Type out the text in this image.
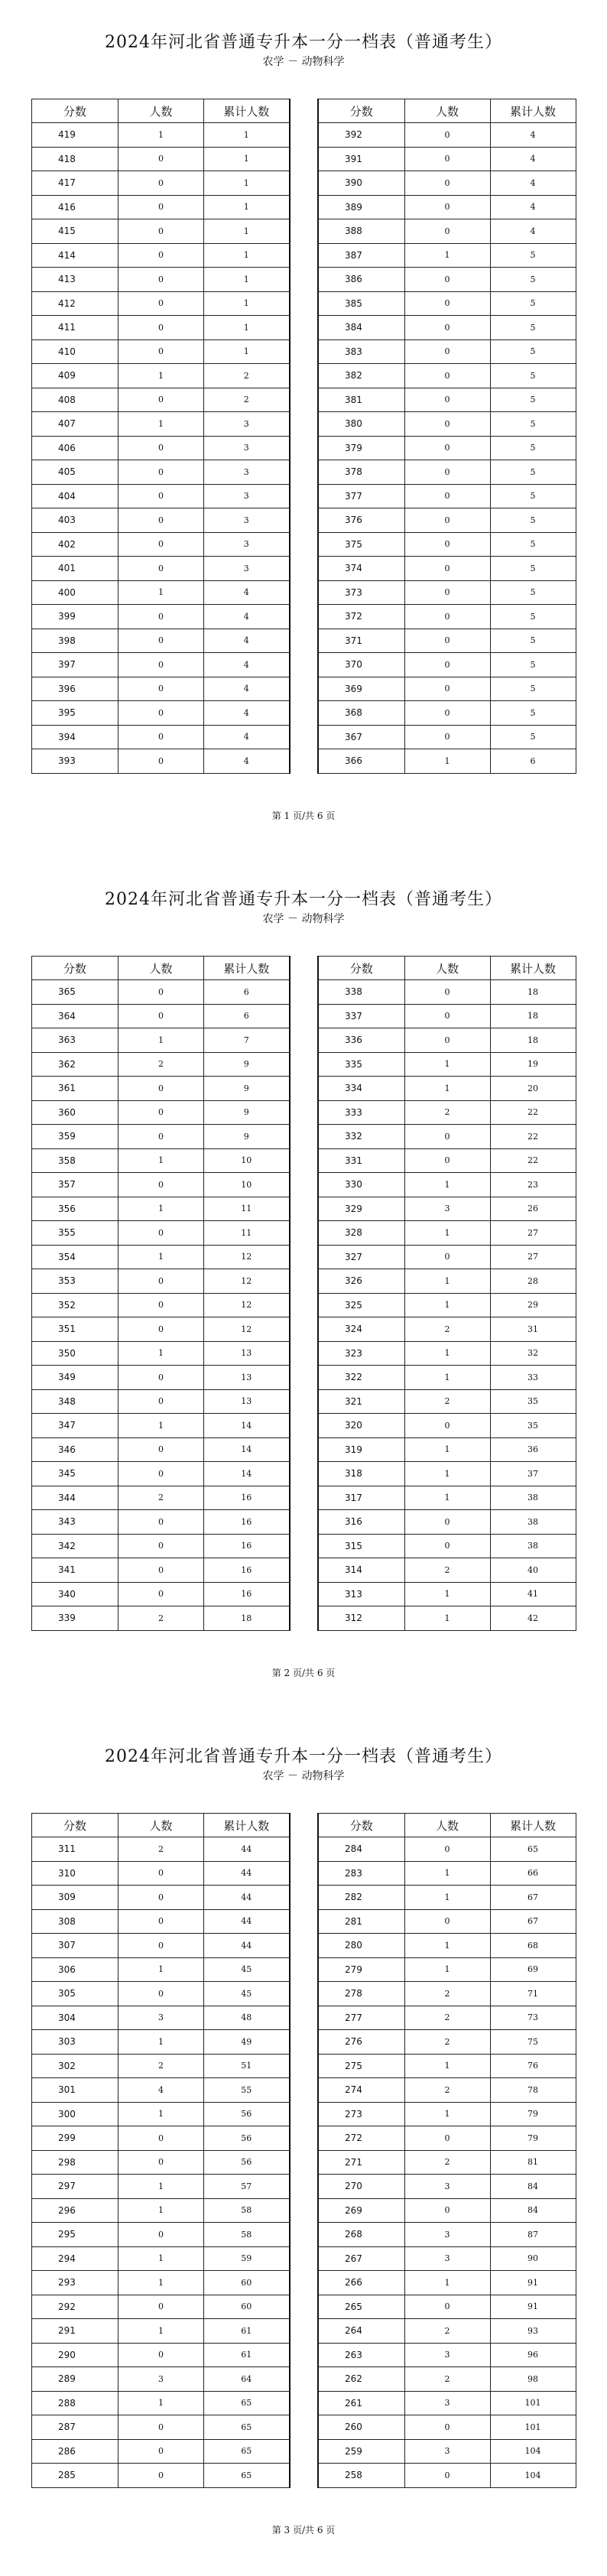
2024年河北省普通专升本一分一档表（普通考生）
农学 － 动物科学
分数	人数	累计人数
419	1	1
418	0	1
417	0	1
416	0	1
415	0	1
414	0	1
413	0	1
412	0	1
411	0	1
410	0	1
409	1	2
408	0	2
407	1	3
406	0	3
405	0	3
404	0	3
403	0	3
402	0	3
401	0	3
400	1	4
399	0	4
398	0	4
397	0	4
396	0	4
395	0	4
394	0	4
393	0	4
分数	人数	累计人数
392	0	4
391	0	4
390	0	4
389	0	4
388	0	4
387	1	5
386	0	5
385	0	5
384	0	5
383	0	5
382	0	5
381	0	5
380	0	5
379	0	5
378	0	5
377	0	5
376	0	5
375	0	5
374	0	5
373	0	5
372	0	5
371	0	5
370	0	5
369	0	5
368	0	5
367	0	5
366	1	6
第 1 页/共 6 页
2024年河北省普通专升本一分一档表（普通考生）
农学 － 动物科学
分数	人数	累计人数
365	0	6
364	0	6
363	1	7
362	2	9
361	0	9
360	0	9
359	0	9
358	1	10
357	0	10
356	1	11
355	0	11
354	1	12
353	0	12
352	0	12
351	0	12
350	1	13
349	0	13
348	0	13
347	1	14
346	0	14
345	0	14
344	2	16
343	0	16
342	0	16
341	0	16
340	0	16
339	2	18
分数	人数	累计人数
338	0	18
337	0	18
336	0	18
335	1	19
334	1	20
333	2	22
332	0	22
331	0	22
330	1	23
329	3	26
328	1	27
327	0	27
326	1	28
325	1	29
324	2	31
323	1	32
322	1	33
321	2	35
320	0	35
319	1	36
318	1	37
317	1	38
316	0	38
315	0	38
314	2	40
313	1	41
312	1	42
第 2 页/共 6 页
2024年河北省普通专升本一分一档表（普通考生）
农学 － 动物科学
分数	人数	累计人数
311	2	44
310	0	44
309	0	44
308	0	44
307	0	44
306	1	45
305	0	45
304	3	48
303	1	49
302	2	51
301	4	55
300	1	56
299	0	56
298	0	56
297	1	57
296	1	58
295	0	58
294	1	59
293	1	60
292	0	60
291	1	61
290	0	61
289	3	64
288	1	65
287	0	65
286	0	65
285	0	65
分数	人数	累计人数
284	0	65
283	1	66
282	1	67
281	0	67
280	1	68
279	1	69
278	2	71
277	2	73
276	2	75
275	1	76
274	2	78
273	1	79
272	0	79
271	2	81
270	3	84
269	0	84
268	3	87
267	3	90
266	1	91
265	0	91
264	2	93
263	3	96
262	2	98
261	3	101
260	0	101
259	3	104
258	0	104
第 3 页/共 6 页
